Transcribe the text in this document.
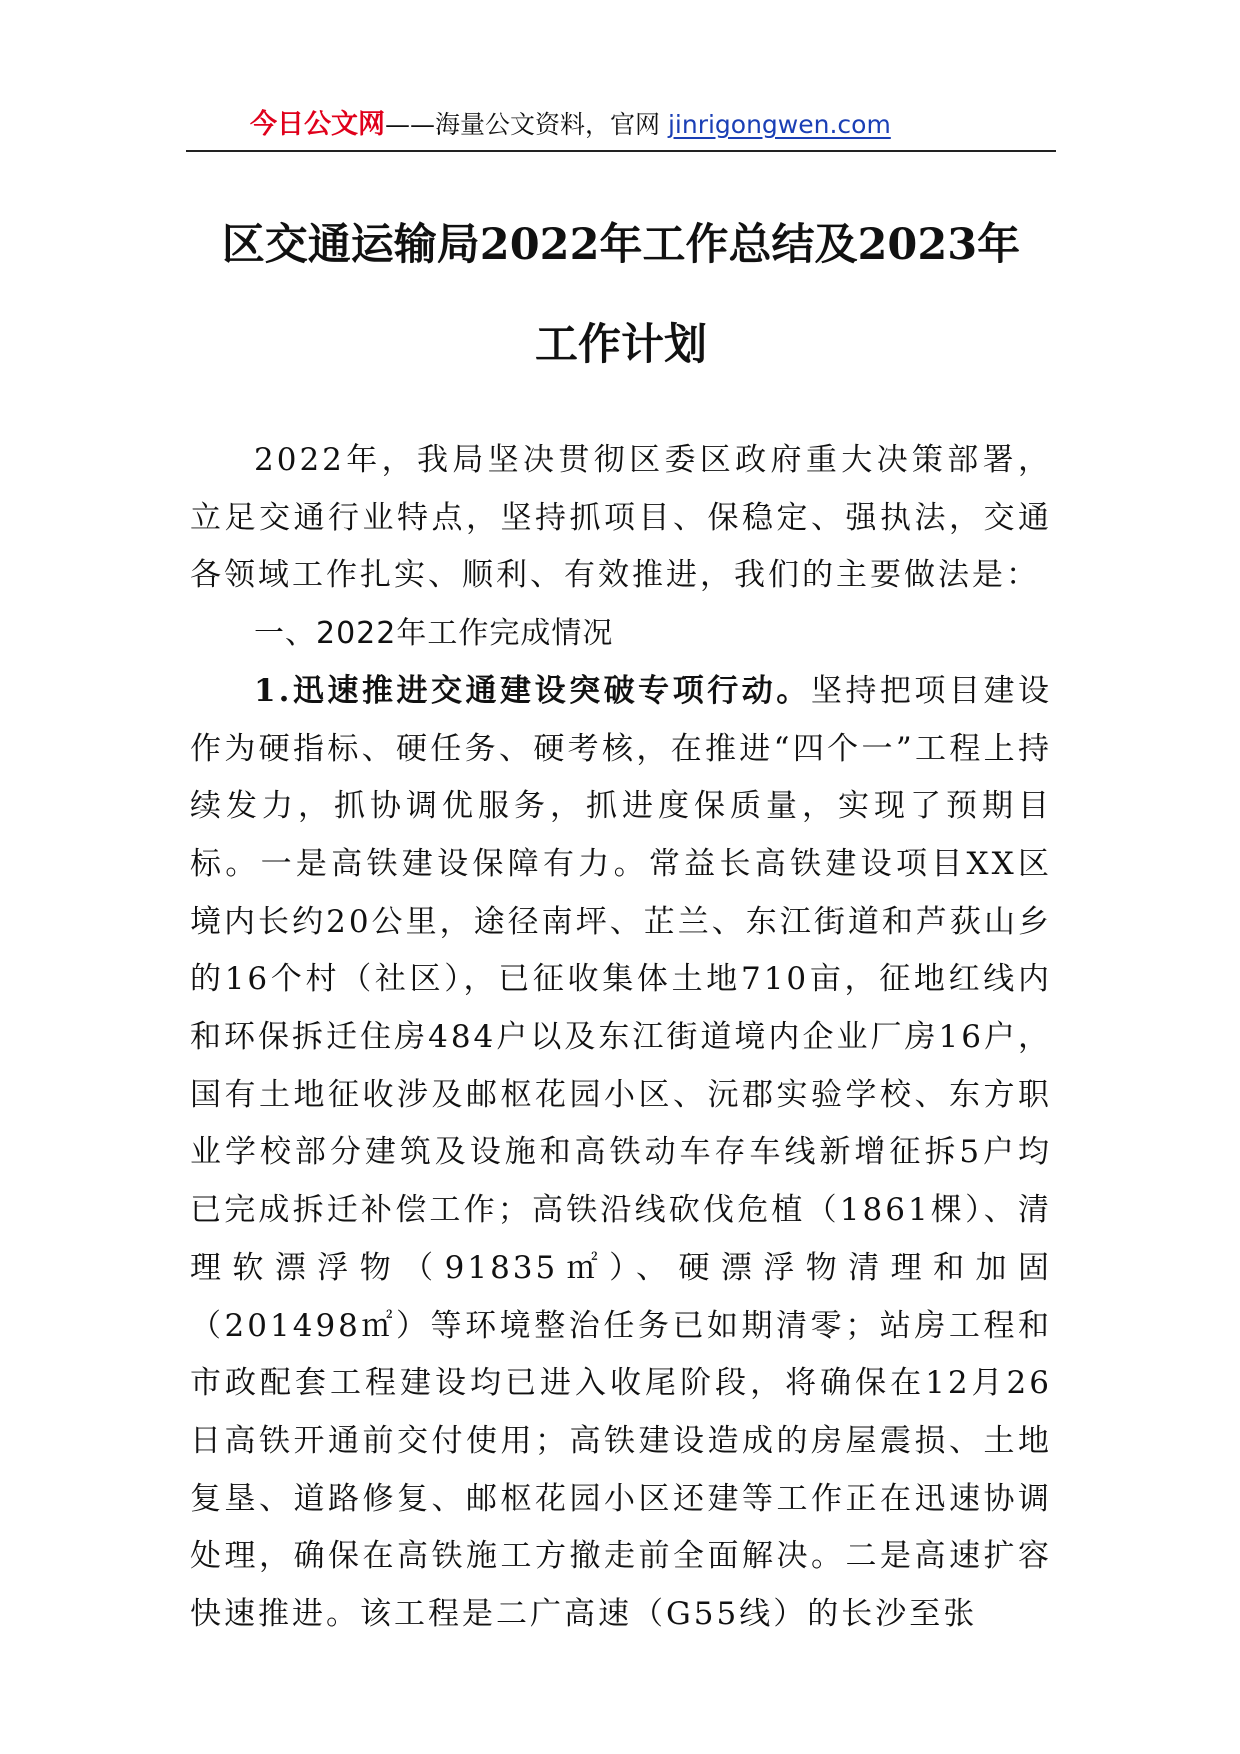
今日公文网——海量公文资料，官网 jinrigongwen.com
区交通运输局2022年工作总结及2023年
工作计划

2022年，我局坚决贯彻区委区政府重大决策部署，立足交通行业特点，坚持抓项目、保稳定、强执法，交通各领域工作扎实、顺利、有效推进，我们的主要做法是：

一、2022年工作完成情况

1.迅速推进交通建设突破专项行动。坚持把项目建设作为硬指标、硬任务、硬考核，在推进“四个一”工程上持续发力，抓协调优服务，抓进度保质量，实现了预期目标。一是高铁建设保障有力。常益长高铁建设项目XX区境内长约20公里，途径南坪、芷兰、东江街道和芦荻山乡的16个村（社区），已征收集体土地710亩，征地红线内和环保拆迁住房484户以及东江街道境内企业厂房16户，国有土地征收涉及邮枢花园小区、沅郡实验学校、东方职业学校部分建筑及设施和高铁动车存车线新增征拆5户均已完成拆迁补偿工作；高铁沿线砍伐危植（1861棵）、清理软漂浮物（91835㎡）、硬漂浮物清理和加固（201498㎡）等环境整治任务已如期清零；站房工程和市政配套工程建设均已进入收尾阶段，将确保在12月26日高铁开通前交付使用；高铁建设造成的房屋震损、土地复垦、道路修复、邮枢花园小区还建等工作正在迅速协调处理，确保在高铁施工方撤走前全面解决。二是高速扩容快速推进。该工程是二广高速（G55线）的长沙至张
